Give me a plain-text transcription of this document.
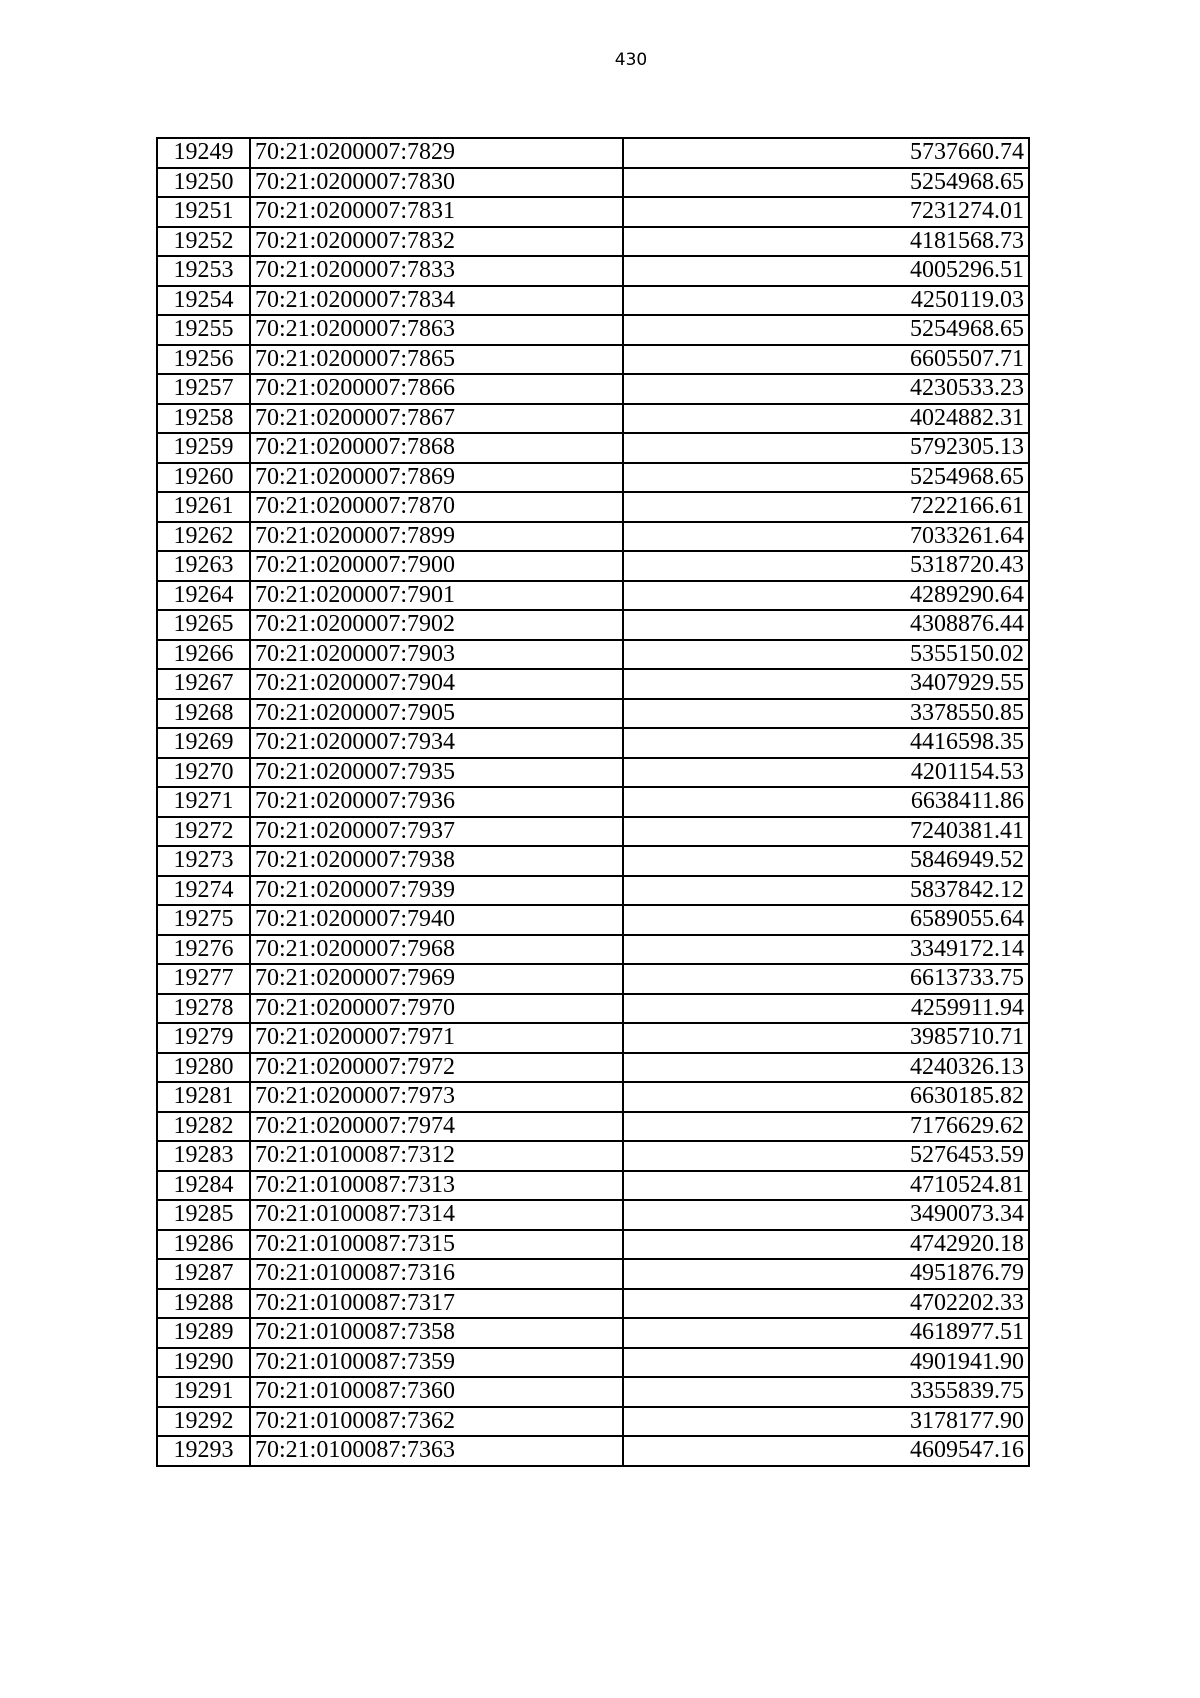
430
19249	70:21:0200007:7829	5737660.74
19250	70:21:0200007:7830	5254968.65
19251	70:21:0200007:7831	7231274.01
19252	70:21:0200007:7832	4181568.73
19253	70:21:0200007:7833	4005296.51
19254	70:21:0200007:7834	4250119.03
19255	70:21:0200007:7863	5254968.65
19256	70:21:0200007:7865	6605507.71
19257	70:21:0200007:7866	4230533.23
19258	70:21:0200007:7867	4024882.31
19259	70:21:0200007:7868	5792305.13
19260	70:21:0200007:7869	5254968.65
19261	70:21:0200007:7870	7222166.61
19262	70:21:0200007:7899	7033261.64
19263	70:21:0200007:7900	5318720.43
19264	70:21:0200007:7901	4289290.64
19265	70:21:0200007:7902	4308876.44
19266	70:21:0200007:7903	5355150.02
19267	70:21:0200007:7904	3407929.55
19268	70:21:0200007:7905	3378550.85
19269	70:21:0200007:7934	4416598.35
19270	70:21:0200007:7935	4201154.53
19271	70:21:0200007:7936	6638411.86
19272	70:21:0200007:7937	7240381.41
19273	70:21:0200007:7938	5846949.52
19274	70:21:0200007:7939	5837842.12
19275	70:21:0200007:7940	6589055.64
19276	70:21:0200007:7968	3349172.14
19277	70:21:0200007:7969	6613733.75
19278	70:21:0200007:7970	4259911.94
19279	70:21:0200007:7971	3985710.71
19280	70:21:0200007:7972	4240326.13
19281	70:21:0200007:7973	6630185.82
19282	70:21:0200007:7974	7176629.62
19283	70:21:0100087:7312	5276453.59
19284	70:21:0100087:7313	4710524.81
19285	70:21:0100087:7314	3490073.34
19286	70:21:0100087:7315	4742920.18
19287	70:21:0100087:7316	4951876.79
19288	70:21:0100087:7317	4702202.33
19289	70:21:0100087:7358	4618977.51
19290	70:21:0100087:7359	4901941.90
19291	70:21:0100087:7360	3355839.75
19292	70:21:0100087:7362	3178177.90
19293	70:21:0100087:7363	4609547.16
